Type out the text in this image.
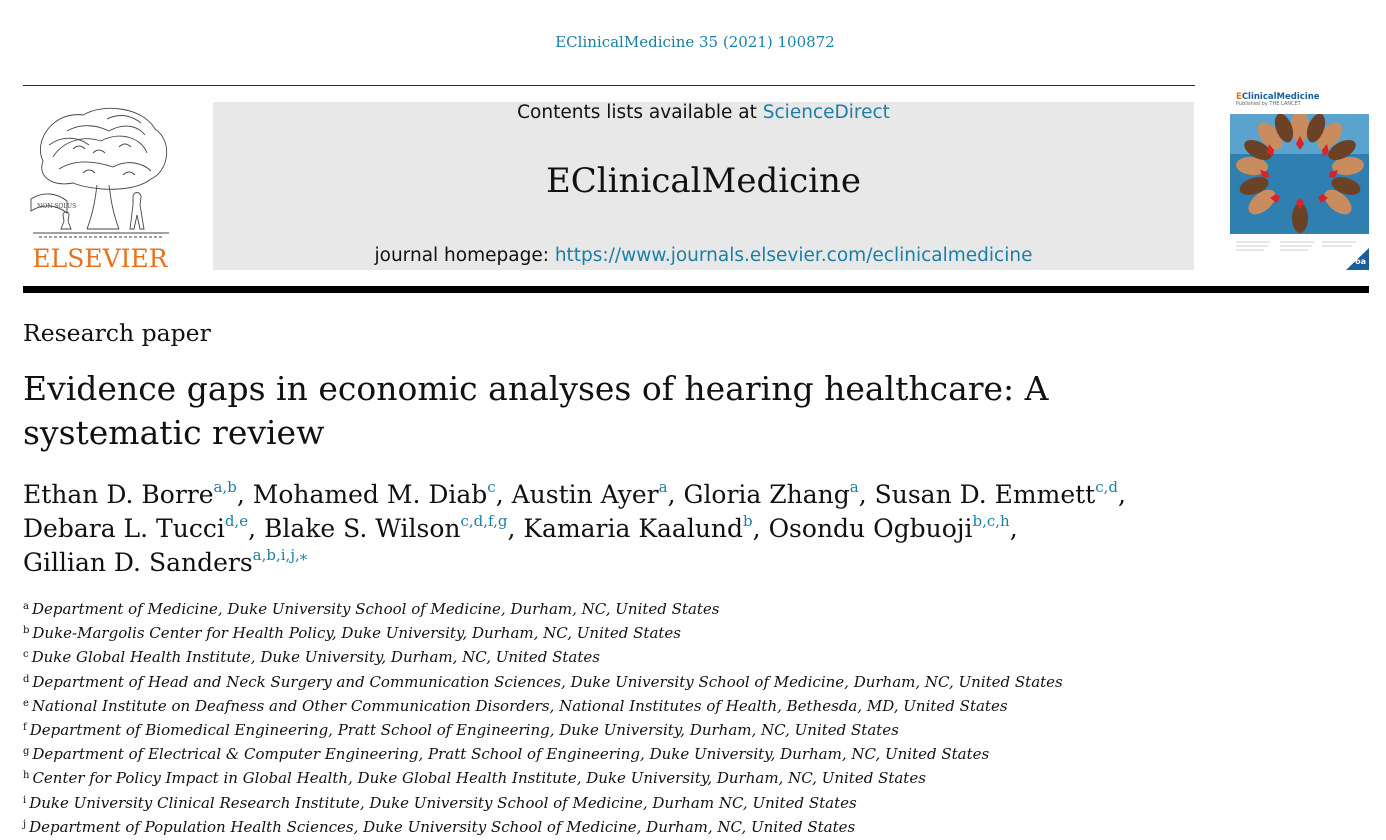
EClinicalMedicine 35 (2021) 100872
NON SOLUS
ELSEVIER
Contents lists available at ScienceDirect
EClinicalMedicine
journal homepage: https://www.journals.elsevier.com/eclinicalmedicine
EClinicalMedicine
Published by THE LANCET
oa
Research paper
Evidence gaps in economic analyses of hearing healthcare: A systematic review
Ethan D. Borre$^{a,b}$, Mohamed M. Diab$^c$, Austin Ayer$^a$, Gloria Zhang$^a$, Susan D. Emmett$^{c,d}$,
Debara L. Tucci$^{d,e}$, Blake S. Wilson$^{c,d,f,g}$, Kamaria Kaalund$^b$, Osondu Ogbuoji$^{b,c,h}$,
Gillian D. Sanders$^{a,b,i,j,⁎}$
$^a$ Department of Medicine, Duke University School of Medicine, Durham, NC, United States
$^b$ Duke-Margolis Center for Health Policy, Duke University, Durham, NC, United States
$^c$ Duke Global Health Institute, Duke University, Durham, NC, United States
$^d$ Department of Head and Neck Surgery and Communication Sciences, Duke University School of Medicine, Durham, NC, United States
$^e$ National Institute on Deafness and Other Communication Disorders, National Institutes of Health, Bethesda, MD, United States
$^f$ Department of Biomedical Engineering, Pratt School of Engineering, Duke University, Durham, NC, United States
$^g$ Department of Electrical & Computer Engineering, Pratt School of Engineering, Duke University, Durham, NC, United States
$^h$ Center for Policy Impact in Global Health, Duke Global Health Institute, Duke University, Durham, NC, United States
$^i$ Duke University Clinical Research Institute, Duke University School of Medicine, Durham NC, United States
$^j$ Department of Population Health Sciences, Duke University School of Medicine, Durham, NC, United States
